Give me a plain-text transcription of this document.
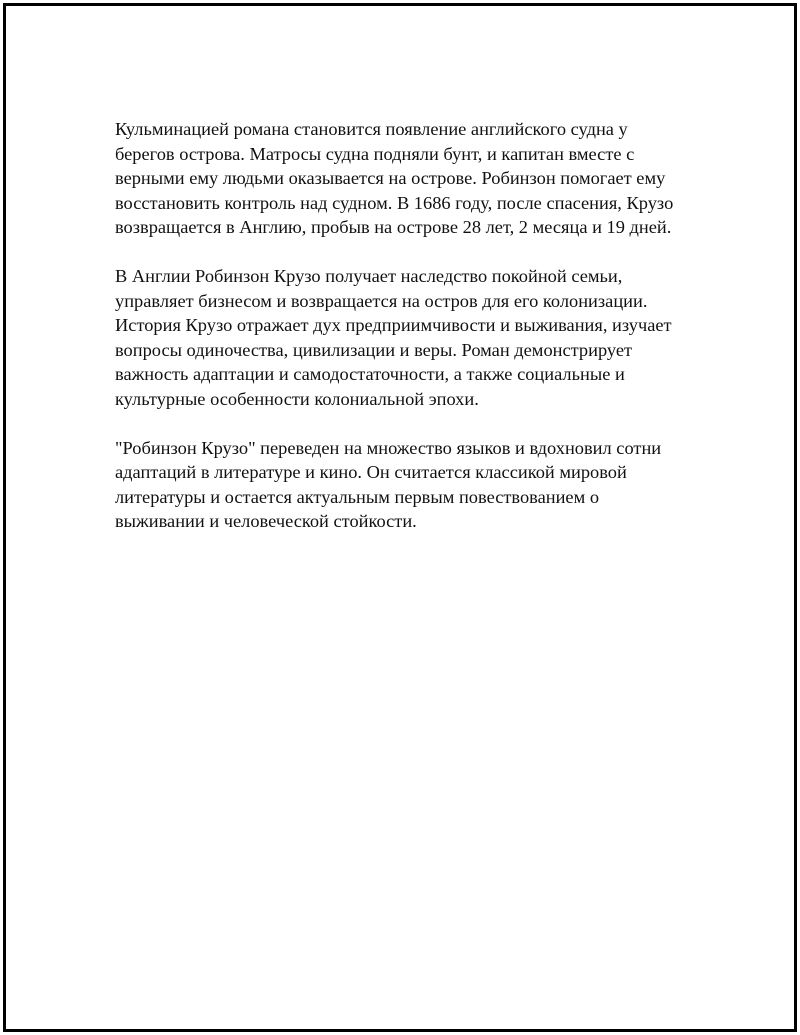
Кульминацией романа становится появление английского судна у
берегов острова. Матросы судна подняли бунт, и капитан вместе с
верными ему людьми оказывается на острове. Робинзон помогает ему
восстановить контроль над судном. В 1686 году, после спасения, Крузо
возвращается в Англию, пробыв на острове 28 лет, 2 месяца и 19 дней.

В Англии Робинзон Крузо получает наследство покойной семьи,
управляет бизнесом и возвращается на остров для его колонизации.
История Крузо отражает дух предприимчивости и выживания, изучает
вопросы одиночества, цивилизации и веры. Роман демонстрирует
важность адаптации и самодостаточности, а также социальные и
культурные особенности колониальной эпохи.

"Робинзон Крузо" переведен на множество языков и вдохновил сотни
адаптаций в литературе и кино. Он считается классикой мировой
литературы и остается актуальным первым повествованием о
выживании и человеческой стойкости.
